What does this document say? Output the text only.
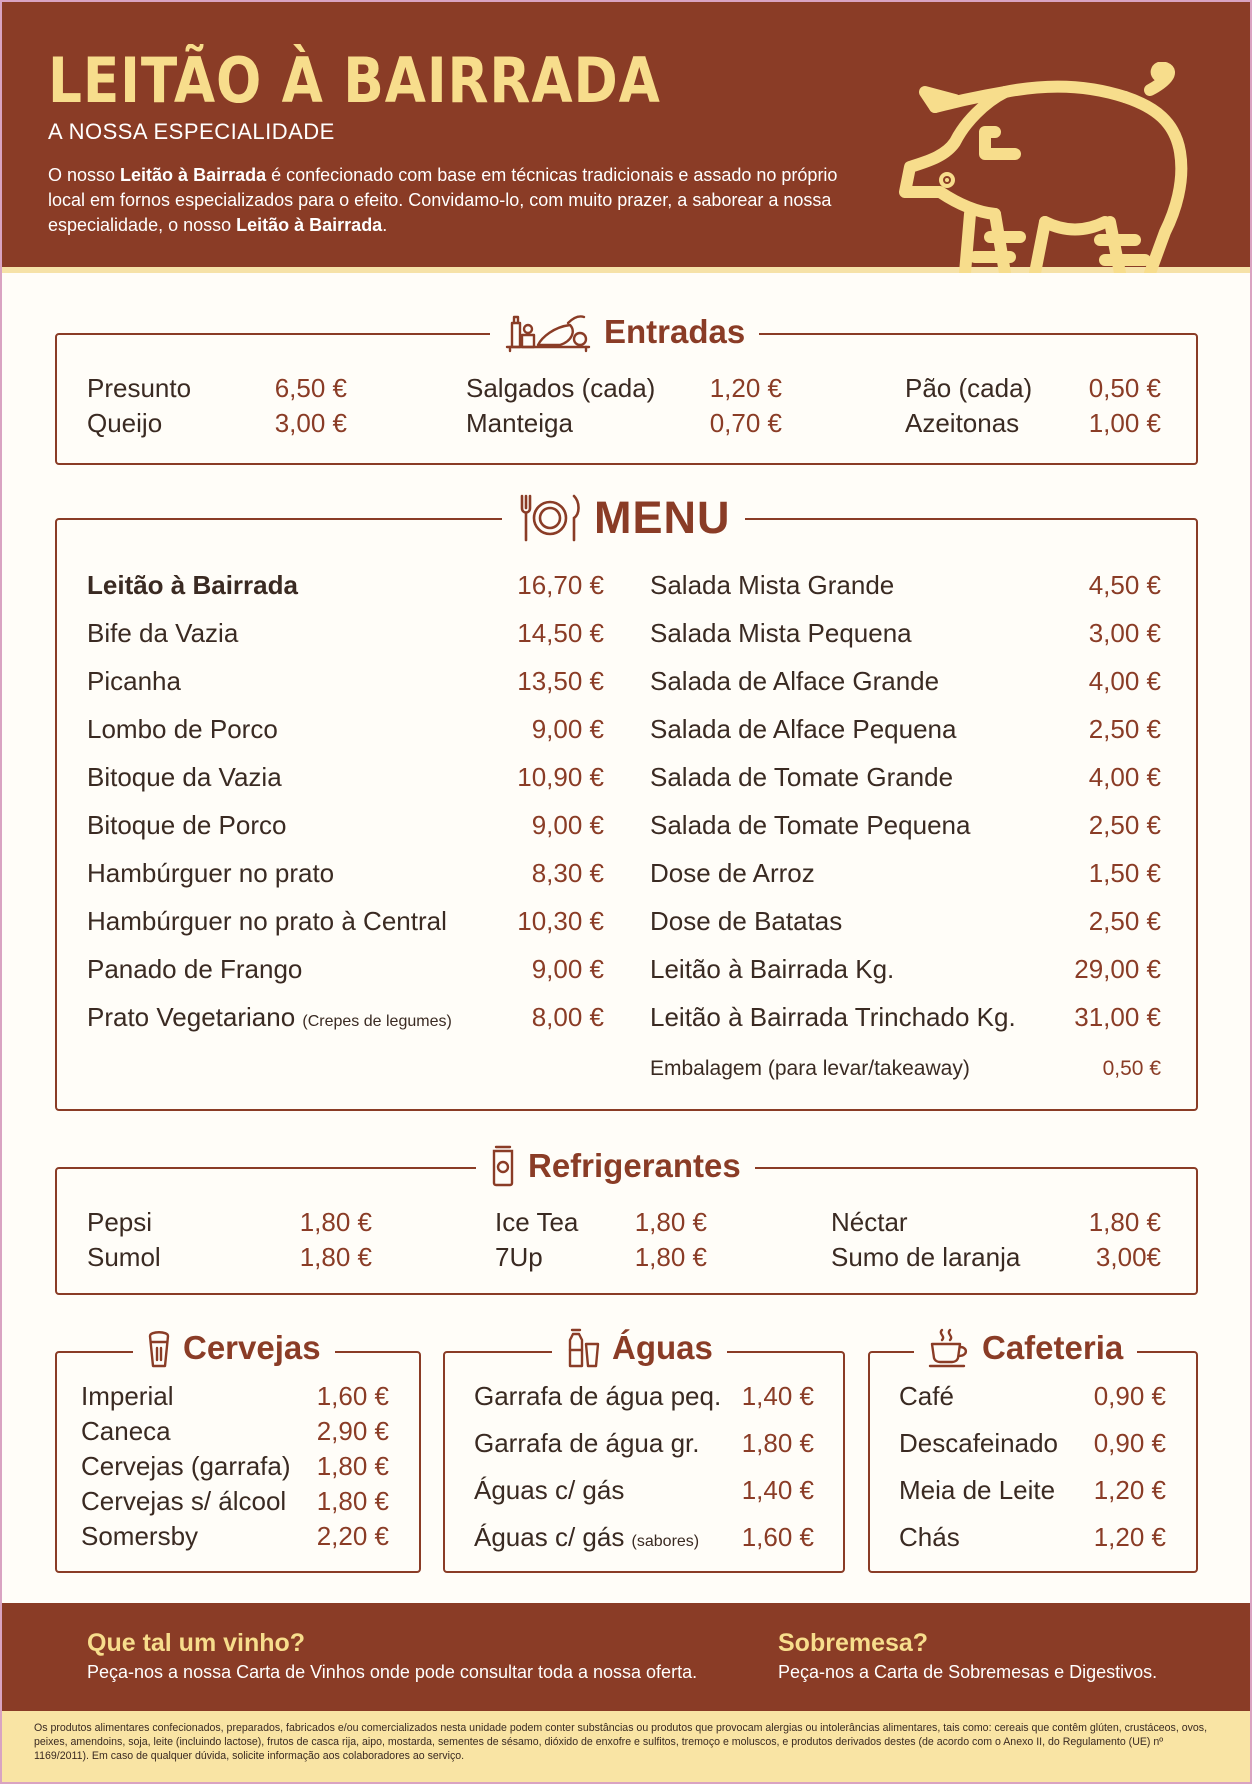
LEITÃO À BAIRRADA
A NOSSA ESPECIALIDADE
O nosso Leitão à Bairrada é confecionado com base em técnicas tradicionais e assado no próprio local em fornos especializados para o efeito. Convidamo-lo, com muito prazer, a saborear a nossa especialidade, o nosso Leitão à Bairrada.
Entradas
Presunto	6,50 €
Queijo	3,00 €
Salgados (cada) 1,20 €
Manteiga	0,70 €
Pão (cada) 0,50 €
Azeitonas	1,00 €
MENU
Leitão à Bairrada	16,70 €
Bife da Vazia	14,50 €
Picanha	13,50 €
Lombo de Porco	9,00 €
Bitoque da Vazia	10,90 €
Bitoque de Porco	9,00 €
Hambúrguer no prato	8,30 €
Hambúrguer no prato à Central	10,30 €
Panado de Frango	9,00 €
Prato Vegetariano (Crepes de legumes)	8,00 €
Salada Mista Grande	4,50 €
Salada Mista Pequena	3,00 €
Salada de Alface Grande	4,00 €
Salada de Alface Pequena	2,50 €
Salada de Tomate Grande	4,00 €
Salada de Tomate Pequena	2,50 €
Dose de Arroz	1,50 €
Dose de Batatas	2,50 €
Leitão à Bairrada Kg.	29,00 €
Leitão à Bairrada Trinchado Kg. 31,00 €
Embalagem (para levar/takeaway)	0,50 €
Refrigerantes
Pepsi	1,80 €
Sumol	1,80 €
Ice Tea 1,80 €
7Up	1,80 €
Néctar	1,80 €
Sumo de laranja	3,00€
Cervejas
Imperial	1,60 €
Caneca	2,90 €
Cervejas (garrafa) 1,80 €
Cervejas s/ álcool 1,80 €
Somersby	2,20 €
Águas
Garrafa de água peq. 1,40 €
Garrafa de água gr. 1,80 €
Águas c/ gás	1,40 €
Águas c/ gás (sabores) 1,60 €
Cafeteria
Café	0,90 €
Descafeinado 0,90 €
Meia de Leite 1,20 €
Chás	1,20 €
Que tal um vinho?
Peça-nos a nossa Carta de Vinhos onde pode consultar toda a nossa oferta.
Sobremesa?
Peça-nos a Carta de Sobremesas e Digestivos.
Os produtos alimentares confecionados, preparados, fabricados e/ou comercializados nesta unidade podem conter substâncias ou produtos que provocam alergias ou intolerâncias alimentares, tais como: cereais que contêm glúten, crustáceos, ovos, peixes, amendoins, soja, leite (incluindo lactose), frutos de casca rija, aipo, mostarda, sementes de sésamo, dióxido de enxofre e sulfitos, tremoço e moluscos, e produtos derivados destes (de acordo com o Anexo II, do Regulamento (UE) nº 1169/2011). Em caso de qualquer dúvida, solicite informação aos colaboradores ao serviço.
